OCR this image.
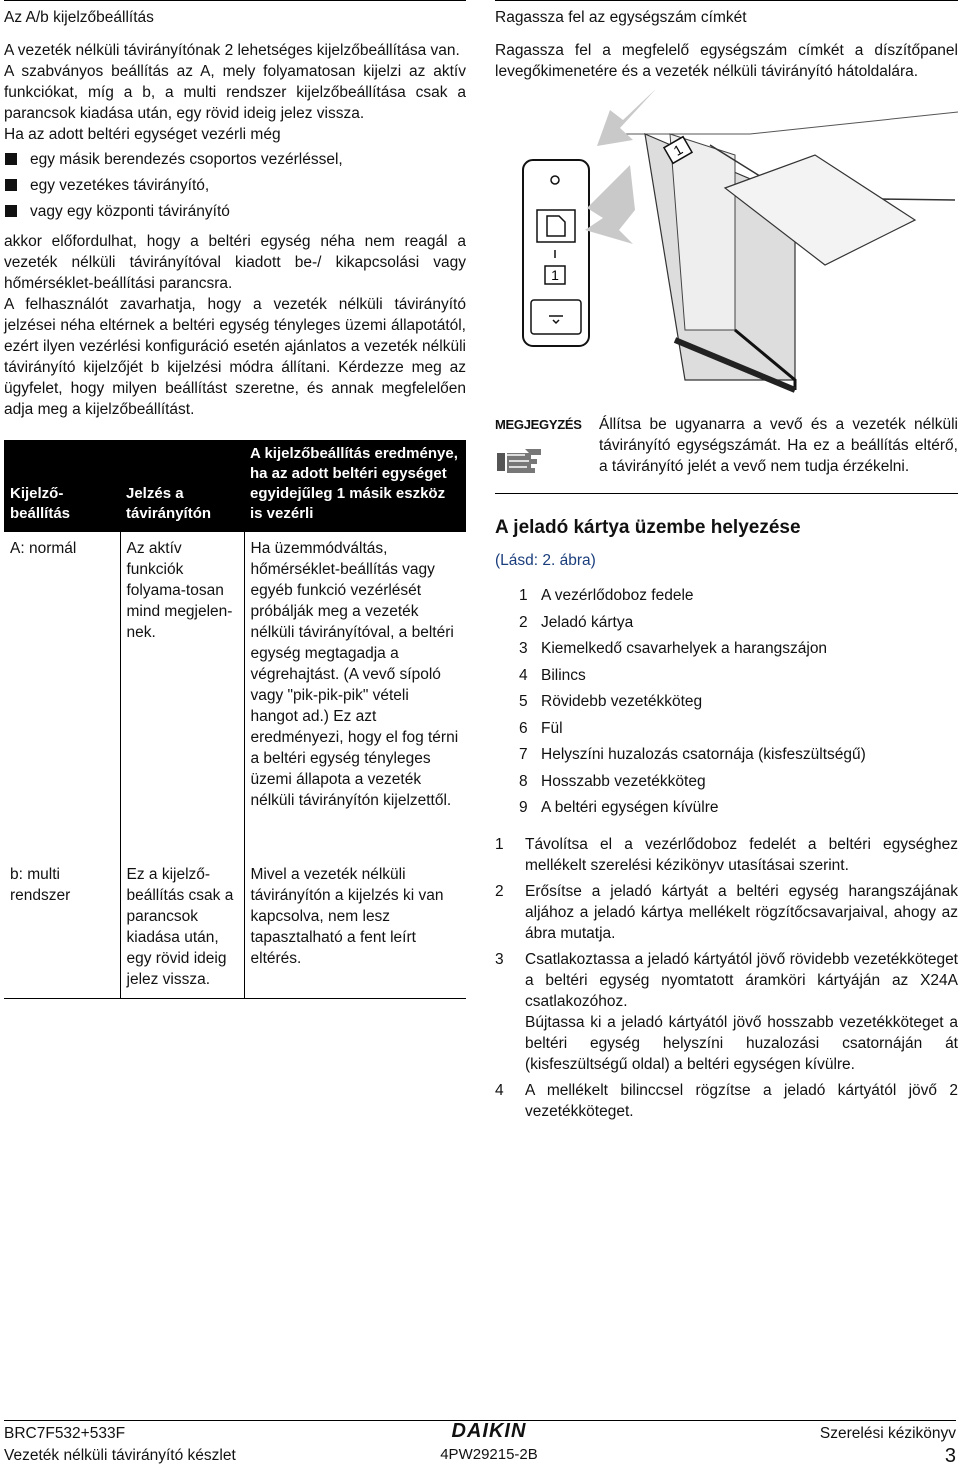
Az A/b kijelzőbeállítás

A vezeték nélküli távirányítónak 2 lehetséges kijelzőbeállítása van.

A szabványos beállítás az A, mely folyamatosan kijelzi az aktív funkciókat, míg a b, a multi rendszer kijelzőbeállítása csak a parancsok kiadása után, egy rövid ideig jelez vissza.

Ha az adott beltéri egységet vezérli még

egy másik berendezés csoportos vezérléssel,
egy vezetékes távirányító,
vagy egy központi távirányító

akkor előfordulhat, hogy a beltéri egység néha nem reagál a vezeték nélküli távirányítóval kiadott be-/ kikapcsolási vagy hőmérséklet-beállítási parancsra.

A felhasználót zavarhatja, hogy a vezeték nélküli távirányító jelzései néha eltérnek a beltéri egység tényleges üzemi állapotától, ezért ilyen vezérlési konfiguráció esetén ajánlatos a vezeték nélküli távirányító kijelzőjét b kijelzési módra állítani. Kérdezze meg az ügyfelet, hogy milyen beállítást szeretne, és annak megfelelően adja meg a kijelzőbeállítást.

Kijelző-beállítás	Jelzés a távirányítón	A kijelzőbeállítás eredménye, ha az adott beltéri egységet egyidejűleg 1 másik eszköz is vezérli
A: normál	Az aktív funkciók folyama-tosan mind megjelen-nek.	Ha üzemmódváltás, hőmérséklet-beállítás vagy egyéb funkció vezérlését próbálják meg a vezeték nélküli távirányítóval, a beltéri egység megtagadja a végrehajtást. (A vevő sípoló vagy "pik-pik-pik" vételi hangot ad.) Ez azt eredményezi, hogy el fog térni a beltéri egység tényleges üzemi állapota a vezeték nélküli távirányítón kijelzettől.
b: multi rendszer	Ez a kijelző-beállítás csak a parancsok kiadása után, egy rövid ideig jelez vissza.	Mivel a vezeték nélküli távirányítón a kijelzés ki van kapcsolva, nem lesz tapasztalható a fent leírt eltérés.
Ragassza fel az egységszám címkét

Ragassza fel a megfelelő egységszám címkét a díszítőpanel levegőkimenetére és a vezeték nélküli távirányító hátoldalára.

1
1
MEGJEGYZÉS	Állítsa be ugyanarra a vevő és a vezeték nélküli távirányító egységszámát. Ha ez a beállítás eltérő, a távirányító jelét a vevő nem tudja érzékelni.
A jeladó kártya üzembe helyezése
(Lásd: 2. ábra)
1 A vezérlődoboz fedele
2 Jeladó kártya
3 Kiemelkedő csavarhelyek a harangszájon
4 Bilincs
5 Rövidebb vezetékköteg
6 Fül
7 Helyszíni huzalozás csatornája (kisfeszültségű)
8 Hosszabb vezetékköteg
9 A beltéri egységen kívülre
1	Távolítsa el a vezérlődoboz fedelét a beltéri egységhez mellékelt szerelési kézikönyv utasításai szerint.
2	Erősítse a jeladó kártyát a beltéri egység harangszájának aljához a jeladó kártya mellékelt rögzítőcsavarjaival, ahogy az ábra mutatja.
3	Csatlakoztassa a jeladó kártyától jövő rövidebb vezetékköteget a beltéri egység nyomtatott áramköri kártyáján az X24A csatlakozóhoz.
Bújtassa ki a jeladó kártyától jövő hosszabb vezetékköteget a beltéri egység helyszíni huzalozási csatornáján át (kisfeszültségű oldal) a beltéri egységen kívülre.
4	A mellékelt bilinccsel rögzítse a jeladó kártyától jövő 2 vezetékköteget.
BRC7F532+533F
Vezeték nélküli távirányító készlet
DAIKIN
4PW29215-2B
Szerelési kézikönyv
3
